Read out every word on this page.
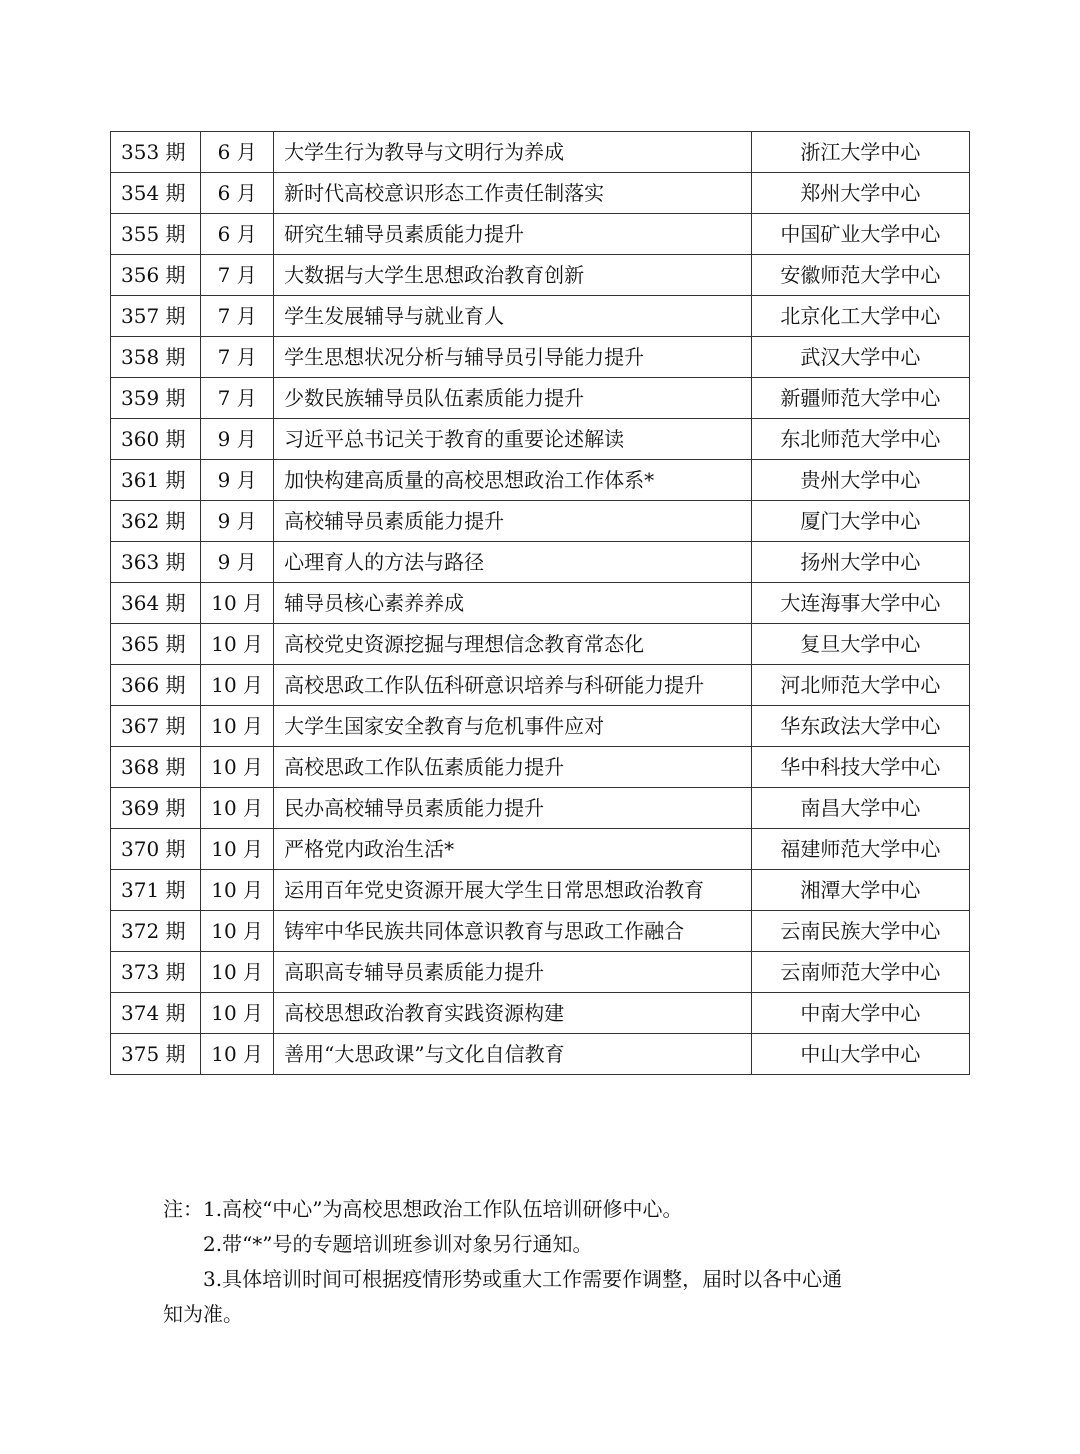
353 期	6 月	大学生行为教导与文明行为养成	浙江大学中心
354 期	6 月	新时代高校意识形态工作责任制落实	郑州大学中心
355 期	6 月	研究生辅导员素质能力提升	中国矿业大学中心
356 期	7 月	大数据与大学生思想政治教育创新	安徽师范大学中心
357 期	7 月	学生发展辅导与就业育人	北京化工大学中心
358 期	7 月	学生思想状况分析与辅导员引导能力提升	武汉大学中心
359 期	7 月	少数民族辅导员队伍素质能力提升	新疆师范大学中心
360 期	9 月	习近平总书记关于教育的重要论述解读	东北师范大学中心
361 期	9 月	加快构建高质量的高校思想政治工作体系*	贵州大学中心
362 期	9 月	高校辅导员素质能力提升	厦门大学中心
363 期	9 月	心理育人的方法与路径	扬州大学中心
364 期	10 月	辅导员核心素养养成	大连海事大学中心
365 期	10 月	高校党史资源挖掘与理想信念教育常态化	复旦大学中心
366 期	10 月	高校思政工作队伍科研意识培养与科研能力提升	河北师范大学中心
367 期	10 月	大学生国家安全教育与危机事件应对	华东政法大学中心
368 期	10 月	高校思政工作队伍素质能力提升	华中科技大学中心
369 期	10 月	民办高校辅导员素质能力提升	南昌大学中心
370 期	10 月	严格党内政治生活*	福建师范大学中心
371 期	10 月	运用百年党史资源开展大学生日常思想政治教育	湘潭大学中心
372 期	10 月	铸牢中华民族共同体意识教育与思政工作融合	云南民族大学中心
373 期	10 月	高职高专辅导员素质能力提升	云南师范大学中心
374 期	10 月	高校思想政治教育实践资源构建	中南大学中心
375 期	10 月	善用“大思政课”与文化自信教育	中山大学中心

注：1.高校“中心”为高校思想政治工作队伍培训研修中心。

2.带“*”号的专题培训班参训对象另行通知。

3.具体培训时间可根据疫情形势或重大工作需要作调整，届时以各中心通

知为准。
